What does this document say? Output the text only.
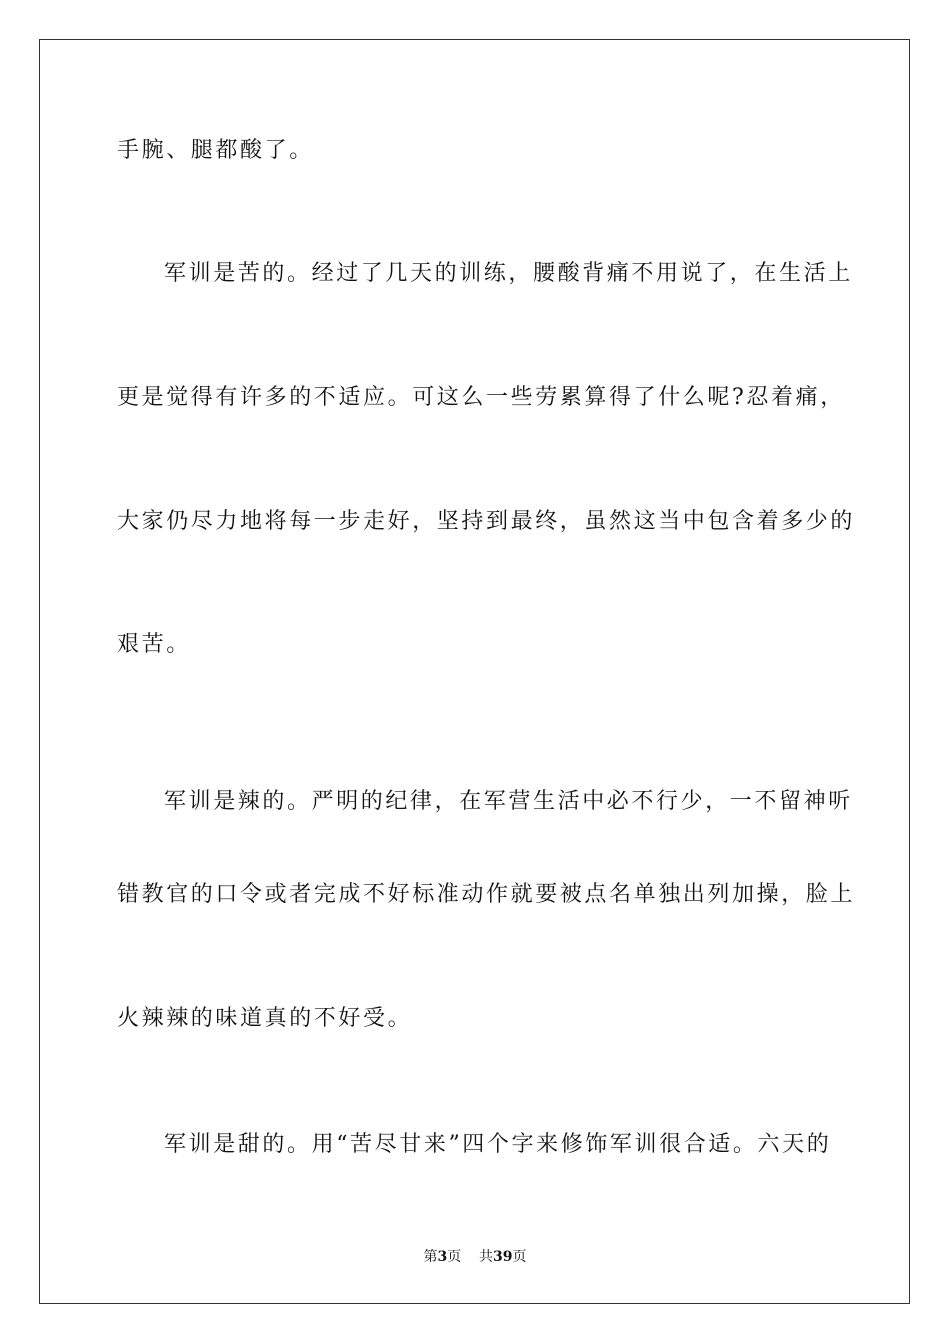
手腕、腿都酸了。
军训是苦的。经过了几天的训练，腰酸背痛不用说了，在生活上
更是觉得有许多的不适应。可这么一些劳累算得了什么呢?忍着痛，
大家仍尽力地将每一步走好，坚持到最终，虽然这当中包含着多少的
艰苦。
军训是辣的。严明的纪律，在军营生活中必不行少，一不留神听
错教官的口令或者完成不好标准动作就要被点名单独出列加操，脸上
火辣辣的味道真的不好受。
军训是甜的。用“苦尽甘来”四个字来修饰军训很合适。六天的
第3页 共39页
